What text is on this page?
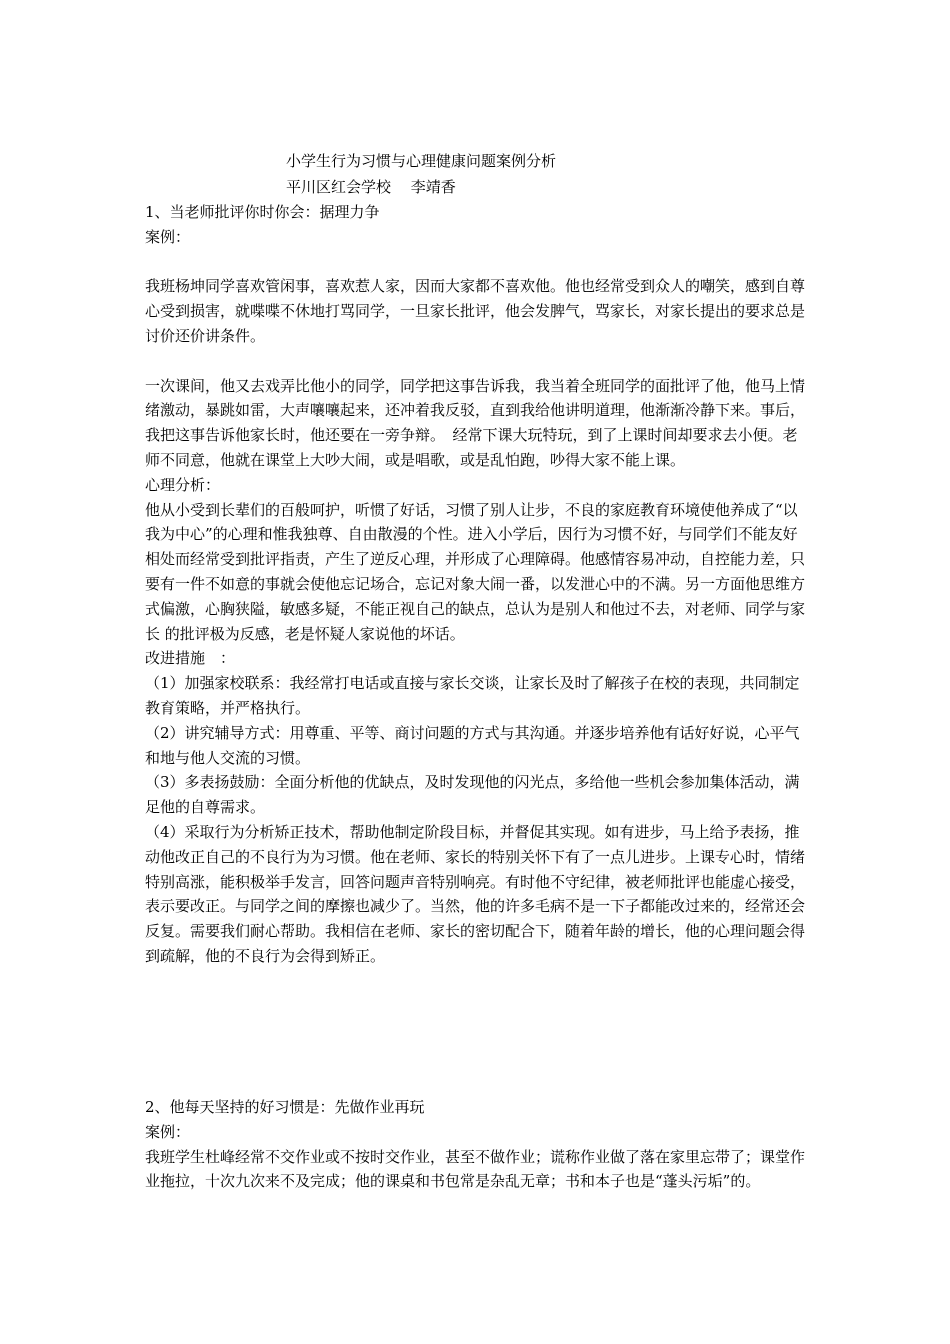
小学生行为习惯与心理健康问题案例分析
平川区红会学校　 李靖香

1、当老师批评你时你会：据理力争

案例：

我班杨坤同学喜欢管闲事，喜欢惹人家，因而大家都不喜欢他。他也经常受到众人的嘲笑，感到自尊心受到损害，就喋喋不休地打骂同学，一旦家长批评，他会发脾气，骂家长，对家长提出的要求总是讨价还价讲条件。

一次课间，他又去戏弄比他小的同学，同学把这事告诉我，我当着全班同学的面批评了他，他马上情绪激动，暴跳如雷，大声嚷嚷起来，还冲着我反驳，直到我给他讲明道理，他渐渐冷静下来。事后，我把这事告诉他家长时，他还要在一旁争辩。　经常下课大玩特玩，到了上课时间却要求去小便。老师不同意，他就在课堂上大吵大闹，或是唱歌，或是乱怕跑，吵得大家不能上课。

心理分析：

他从小受到长辈们的百般呵护，听惯了好话，习惯了别人让步，不良的家庭教育环境使他养成了“以我为中心”的心理和惟我独尊、自由散漫的个性。进入小学后，因行为习惯不好，与同学们不能友好相处而经常受到批评指责，产生了逆反心理，并形成了心理障碍。他感情容易冲动，自控能力差，只要有一件不如意的事就会使他忘记场合，忘记对象大闹一番，以发泄心中的不满。另一方面他思维方式偏激，心胸狭隘，敏感多疑，不能正视自己的缺点，总认为是别人和他过不去，对老师、同学与家长 的批评极为反感，老是怀疑人家说他的坏话。

改进措施　：

（1）加强家校联系：我经常打电话或直接与家长交谈，让家长及时了解孩子在校的表现，共同制定教育策略，并严格执行。

（2）讲究辅导方式：用尊重、平等、商讨问题的方式与其沟通。并逐步培养他有话好好说，心平气和地与他人交流的习惯。

（3）多表扬鼓励：全面分析他的优缺点，及时发现他的闪光点，多给他一些机会参加集体活动，满足他的自尊需求。

（4）采取行为分析矫正技术，帮助他制定阶段目标，并督促其实现。如有进步，马上给予表扬，推动他改正自己的不良行为为习惯。他在老师、家长的特别关怀下有了一点儿进步。上课专心时，情绪特别高涨，能积极举手发言，回答问题声音特别响亮。有时他不守纪律，被老师批评也能虚心接受，表示要改正。与同学之间的摩擦也减少了。当然，他的许多毛病不是一下子都能改过来的，经常还会反复。需要我们耐心帮助。我相信在老师、家长的密切配合下，随着年龄的增长，他的心理问题会得到疏解，他的不良行为会得到矫正。

2、他每天坚持的好习惯是：先做作业再玩

案例：

我班学生杜峰经常不交作业或不按时交作业，甚至不做作业；谎称作业做了落在家里忘带了；课堂作业拖拉，十次九次来不及完成；他的课桌和书包常是杂乱无章；书和本子也是“蓬头污垢”的。
